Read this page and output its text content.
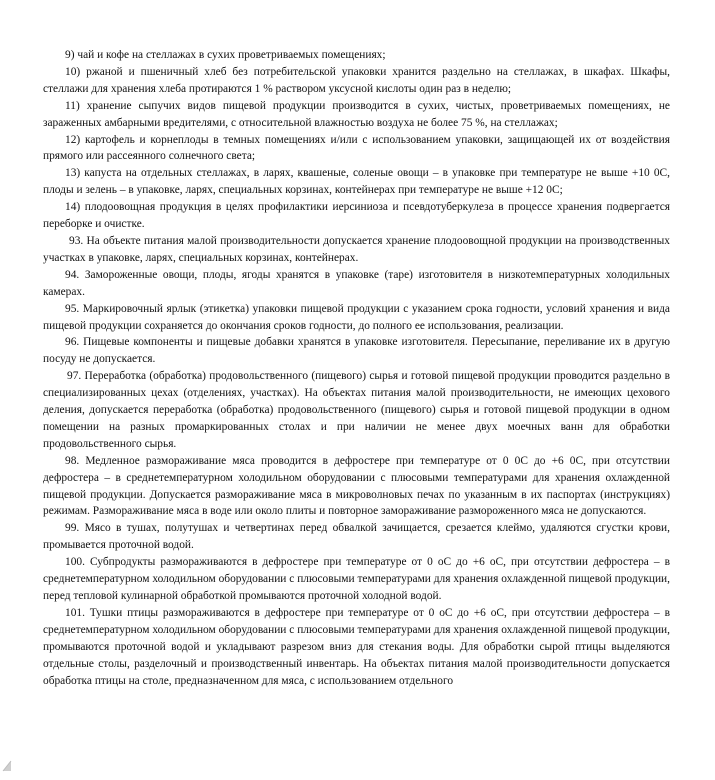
9) чай и кофе на стеллажах в сухих проветриваемых помещениях;

10) ржаной и пшеничный хлеб без потребительской упаковки хранится раздельно на стеллажах, в шкафах. Шкафы, стеллажи для хранения хлеба протираются 1 % раствором уксусной кислоты один раз в неделю;

11) хранение сыпучих видов пищевой продукции производится в сухих, чистых, проветриваемых помещениях, не зараженных амбарными вредителями, с относительной влажностью воздуха не более 75 %, на стеллажах;

12) картофель и корнеплоды в темных помещениях и/или с использованием упаковки, защищающей их от воздействия прямого или рассеянного солнечного света;

13) капуста на отдельных стеллажах, в ларях, квашеные, соленые овощи – в упаковке при температуре не выше +10 0С, плоды и зелень – в упаковке, ларях, специальных корзинах, контейнерах при температуре не выше +12 0С;

14) плодоовощная продукция в целях профилактики иерсиниоза и псевдотуберкулеза в процессе хранения подвергается переборке и очистке.

93. На объекте питания малой производительности допускается хранение плодоовощной продукции на производственных участках в упаковке, ларях, специальных корзинах, контейнерах.

94. Замороженные овощи, плоды, ягоды хранятся в упаковке (таре) изготовителя в низкотемпературных холодильных камерах.

95. Маркировочный ярлык (этикетка) упаковки пищевой продукции с указанием срока годности, условий хранения и вида пищевой продукции сохраняется до окончания сроков годности, до полного ее использования, реализации.

96. Пищевые компоненты и пищевые добавки хранятся в упаковке изготовителя. Пересыпание, переливание их в другую посуду не допускается.

97. Переработка (обработка) продовольственного (пищевого) сырья и готовой пищевой продукции проводится раздельно в специализированных цехах (отделениях, участках). На объектах питания малой производительности, не имеющих цехового деления, допускается переработка (обработка) продовольственного (пищевого) сырья и готовой пищевой продукции в одном помещении на разных промаркированных столах и при наличии не менее двух моечных ванн для обработки продовольственного сырья.

98. Медленное размораживание мяса проводится в дефростере при температуре от 0 0С до +6 0С, при отсутствии дефростера – в среднетемпературном холодильном оборудовании с плюсовыми температурами для хранения охлажденной пищевой продукции. Допускается размораживание мяса в микроволновых печах по указанным в их паспортах (инструкциях) режимам. Размораживание мяса в воде или около плиты и повторное замораживание размороженного мяса не допускаются.

99. Мясо в тушах, полутушах и четвертинах перед обвалкой зачищается, срезается клеймо, удаляются сгустки крови, промывается проточной водой.

100. Субпродукты размораживаются в дефростере при температуре от 0 оС до +6 оС, при отсутствии дефростера – в среднетемпературном холодильном оборудовании с плюсовыми температурами для хранения охлажденной пищевой продукции, перед тепловой кулинарной обработкой промываются проточной холодной водой.

101. Тушки птицы размораживаются в дефростере при температуре от 0 оС до +6 оС, при отсутствии дефростера – в среднетемпературном холодильном оборудовании с плюсовыми температурами для хранения охлажденной пищевой продукции, промываются проточной водой и укладывают разрезом вниз для стекания воды. Для обработки сырой птицы выделяются отдельные столы, разделочный и производственный инвентарь. На объектах питания малой производительности допускается обработка птицы на столе, предназначенном для мяса, с использованием отдельного
